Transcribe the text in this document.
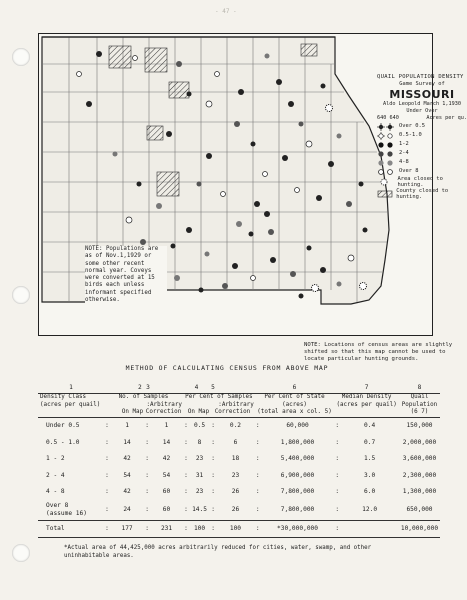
- 47 -
QUAIL POPULATION DENSITY
Game Survey of
MISSOURI
Aldo Leopold March 1,1930
Under Over
640 640	Acres per qu.
Over 0.5
0.5-1.0
1-2
2-4
4-8
Over 8
Area closed to hunting.
County closed to hunting.
NOTE: Populations are as of Nov.1,1929 or some other recent normal year. Coveys were converted at 15 birds each unless informant specified otherwise.
NOTE: Locations of census areas are slightly shifted so that this map cannot be used to locate particular hunting grounds.
METHOD OF CALCULATING CENSUS FROM ABOVE MAP
1	2		3		4		5		6		7		8

Density Class	No. of Samples				Per Cent of Samples				Per Cent of State		Median Density		Quail
(acres per quail)	:Arbitrary				:Arbitrary				(acres)		(acres per quail)		Population
	On Map		Correction		On Map		Correction		(total area x col. 5)				(6 7)

Under 0.5	:	1	:	1	:	0.5	:	0.2	:	60,000	:	0.4	150,000
0.5 - 1.0	:	14	:	14	:	8	:	6	:	1,800,000	:	0.7	2,000,000
1 - 2	:	42	:	42	:	23	:	18	:	5,400,000	:	1.5	3,600,000
2 - 4	:	54	:	54	:	31	:	23	:	6,900,000	:	3.0	2,300,000
4 - 8	:	42	:	60	:	23	:	26	:	7,800,000	:	6.0	1,300,000

Over 8
(assume 16)	:	24	:	60	:	14.5	:	26	:	7,800,000	:	12.0	650,000

Total	:	177	:	231	:	100	:	100	:	*30,000,000	:		10,000,000

*Actual area of 44,425,000 acres arbitrarily reduced for cities, water, swamp, and other uninhabitable areas.
